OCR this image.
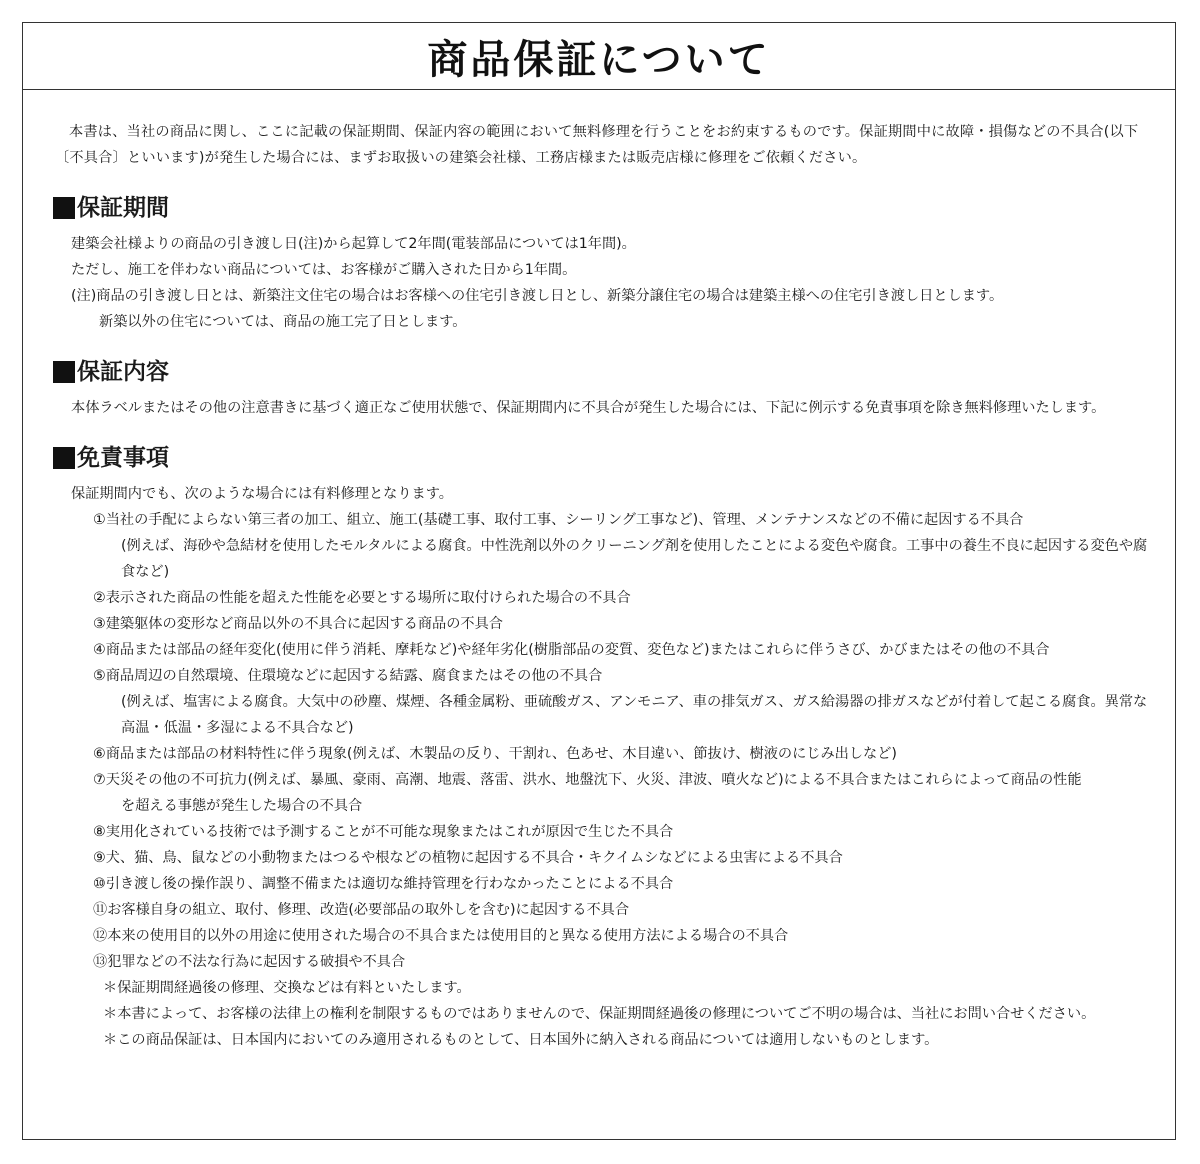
商品保証について

本書は、当社の商品に関し、ここに記載の保証期間、保証内容の範囲において無料修理を行うことをお約束するものです。保証期間中に故障・損傷などの不具合(以下〔不具合〕といいます)が発生した場合には、まずお取扱いの建築会社様、工務店様または販売店様に修理をご依頼ください。

保証期間

建築会社様よりの商品の引き渡し日(注)から起算して2年間(電装部品については1年間)。

ただし、施工を伴わない商品については、お客様がご購入された日から1年間。

(注)商品の引き渡し日とは、新築注文住宅の場合はお客様への住宅引き渡し日とし、新築分譲住宅の場合は建築主様への住宅引き渡し日とします。

新築以外の住宅については、商品の施工完了日とします。

保証内容

本体ラベルまたはその他の注意書きに基づく適正なご使用状態で、保証期間内に不具合が発生した場合には、下記に例示する免責事項を除き無料修理いたします。

免責事項

保証期間内でも、次のような場合には有料修理となります。

①当社の手配によらない第三者の加工、組立、施工(基礎工事、取付工事、シーリング工事など)、管理、メンテナンスなどの不備に起因する不具合

(例えば、海砂や急結材を使用したモルタルによる腐食。中性洗剤以外のクリーニング剤を使用したことによる変色や腐食。工事中の養生不良に起因する変色や腐食など)

②表示された商品の性能を超えた性能を必要とする場所に取付けられた場合の不具合

③建築躯体の変形など商品以外の不具合に起因する商品の不具合

④商品または部品の経年変化(使用に伴う消耗、摩耗など)や経年劣化(樹脂部品の変質、変色など)またはこれらに伴うさび、かびまたはその他の不具合

⑤商品周辺の自然環境、住環境などに起因する結露、腐食またはその他の不具合

(例えば、塩害による腐食。大気中の砂塵、煤煙、各種金属粉、亜硫酸ガス、アンモニア、車の排気ガス、ガス給湯器の排ガスなどが付着して起こる腐食。異常な高温・低温・多湿による不具合など)

⑥商品または部品の材料特性に伴う現象(例えば、木製品の反り、干割れ、色あせ、木目違い、節抜け、樹液のにじみ出しなど)

⑦天災その他の不可抗力(例えば、暴風、豪雨、高潮、地震、落雷、洪水、地盤沈下、火災、津波、噴火など)による不具合またはこれらによって商品の性能

を超える事態が発生した場合の不具合

⑧実用化されている技術では予測することが不可能な現象またはこれが原因で生じた不具合

⑨犬、猫、鳥、鼠などの小動物またはつるや根などの植物に起因する不具合・キクイムシなどによる虫害による不具合

⑩引き渡し後の操作誤り、調整不備または適切な維持管理を行わなかったことによる不具合

⑪お客様自身の組立、取付、修理、改造(必要部品の取外しを含む)に起因する不具合

⑫本来の使用目的以外の用途に使用された場合の不具合または使用目的と異なる使用方法による場合の不具合

⑬犯罪などの不法な行為に起因する破損や不具合

＊保証期間経過後の修理、交換などは有料といたします。

＊本書によって、お客様の法律上の権利を制限するものではありませんので、保証期間経過後の修理についてご不明の場合は、当社にお問い合せください。

＊この商品保証は、日本国内においてのみ適用されるものとして、日本国外に納入される商品については適用しないものとします。
